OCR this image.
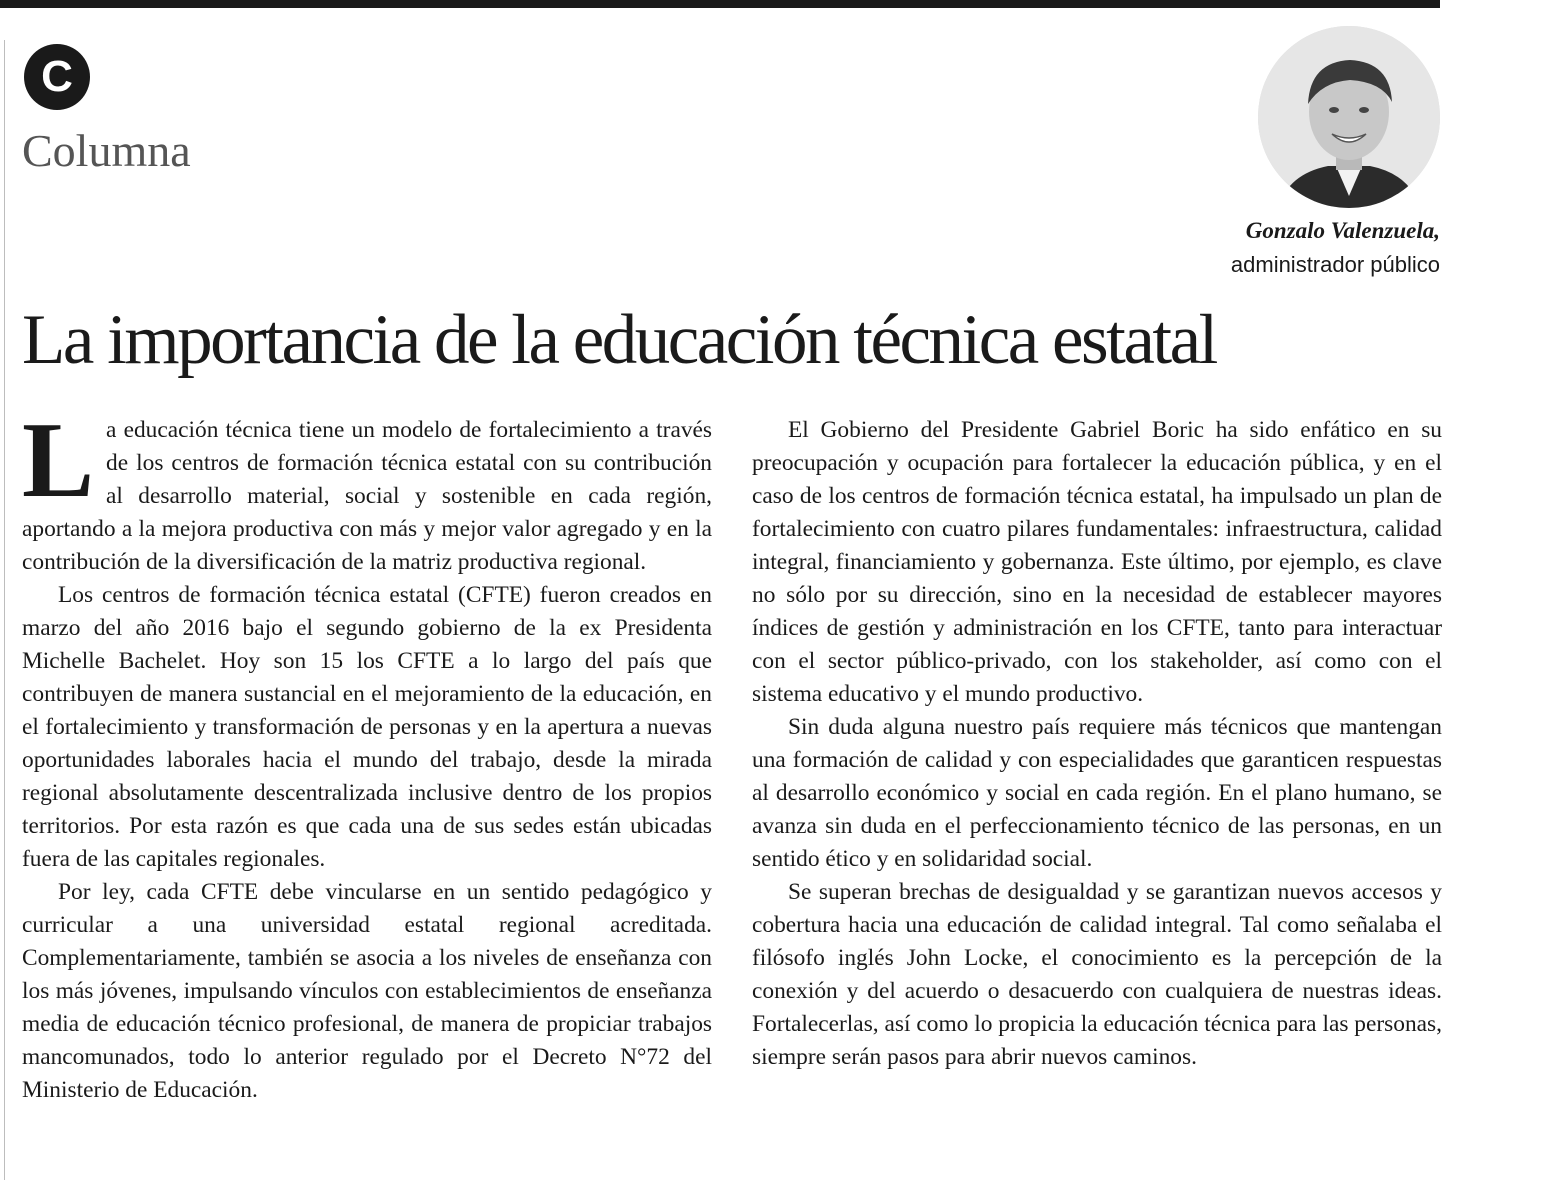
C
Columna
Gonzalo Valenzuela,
administrador público
La importancia de la educación técnica estatal

La educación técnica tiene un modelo de fortalecimiento a través de los centros de formación técnica estatal con su contribución al desarrollo material, social y sostenible en cada región, aportando a la mejora productiva con más y mejor valor agregado y en la contribución de la diversificación de la matriz productiva regional.

Los centros de formación técnica estatal (CFTE) fueron creados en marzo del año 2016 bajo el segundo gobierno de la ex Presidenta Michelle Bachelet. Hoy son 15 los CFTE a lo largo del país que contribuyen de manera sustancial en el mejoramiento de la educación, en el fortalecimiento y transformación de personas y en la apertura a nuevas oportunidades laborales hacia el mundo del trabajo, desde la mirada regional absolutamente descentralizada inclusive dentro de los propios territorios. Por esta razón es que cada una de sus sedes están ubicadas fuera de las capitales regionales.

Por ley, cada CFTE debe vincularse en un sentido pedagógico y curricular a una universidad estatal regional acreditada. Complementariamente, también se asocia a los niveles de enseñanza con los más jóvenes, impulsando vínculos con establecimientos de enseñanza media de educación técnico profesional, de manera de propiciar trabajos mancomunados, todo lo anterior regulado por el Decreto N°72 del Ministerio de Educación.

El Gobierno del Presidente Gabriel Boric ha sido enfático en su preocupación y ocupación para fortalecer la educación pública, y en el caso de los centros de formación técnica estatal, ha impulsado un plan de fortalecimiento con cuatro pilares fundamentales: infraestructura, calidad integral, financiamiento y gobernanza. Este último, por ejemplo, es clave no sólo por su dirección, sino en la necesidad de establecer mayores índices de gestión y administración en los CFTE, tanto para interactuar con el sector público-privado, con los stakeholder, así como con el sistema educativo y el mundo productivo.

Sin duda alguna nuestro país requiere más técnicos que mantengan una formación de calidad y con especialidades que garanticen respuestas al desarrollo económico y social en cada región. En el plano humano, se avanza sin duda en el perfeccionamiento técnico de las personas, en un sentido ético y en solidaridad social.

Se superan brechas de desigualdad y se garantizan nuevos accesos y cobertura hacia una educación de calidad integral. Tal como señalaba el filósofo inglés John Locke, el conocimiento es la percepción de la conexión y del acuerdo o desacuerdo con cualquiera de nuestras ideas. Fortalecerlas, así como lo propicia la educación técnica para las personas, siempre serán pasos para abrir nuevos caminos.
